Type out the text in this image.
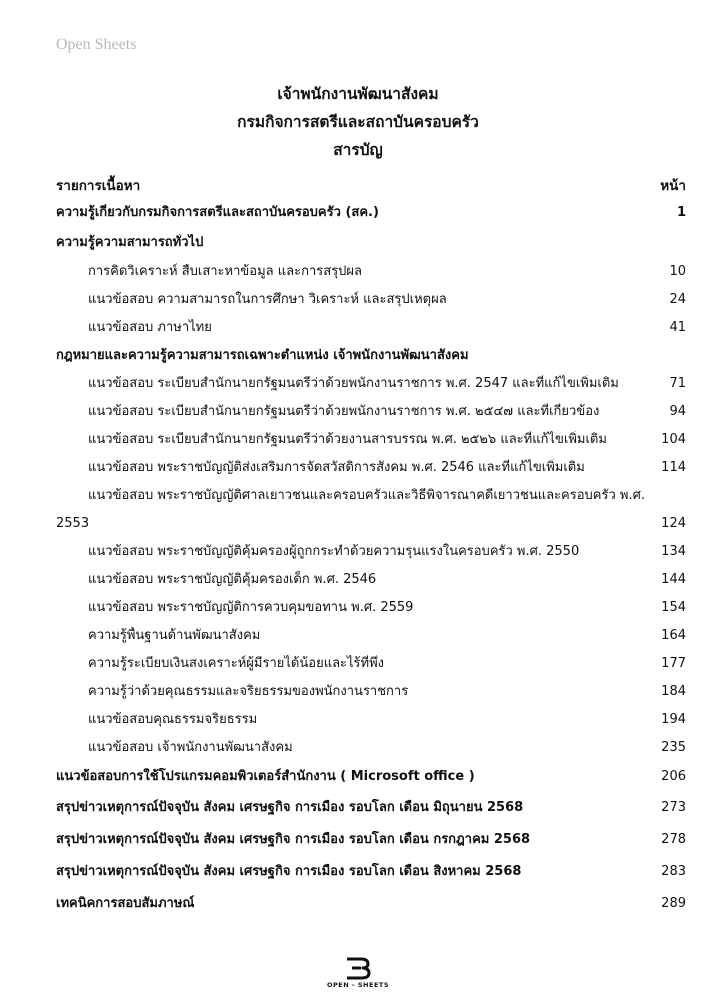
Open Sheets
เจ้าพนักงานพัฒนาสังคม
กรมกิจการสตรีและสถาบันครอบครัว
สารบัญ
รายการเนื้อหา	หน้า
ความรู้เกี่ยวกับกรมกิจการสตรีและสถาบันครอบครัว (สค.)	1
ความรู้ความสามารถทั่วไป
การคิดวิเคราะห์ สืบเสาะหาข้อมูล และการสรุปผล	10
แนวข้อสอบ ความสามารถในการศึกษา วิเคราะห์ และสรุปเหตุผล	24
แนวข้อสอบ ภาษาไทย	41
กฎหมายและความรู้ความสามารถเฉพาะตำแหน่ง เจ้าพนักงานพัฒนาสังคม
แนวข้อสอบ ระเบียบสำนักนายกรัฐมนตรีว่าด้วยพนักงานราชการ พ.ศ. 2547 และที่แก้ไขเพิ่มเติม	71
แนวข้อสอบ ระเบียบสำนักนายกรัฐมนตรีว่าด้วยพนักงานราชการ พ.ศ. ๒๕๔๗ และที่เกี่ยวข้อง	94
แนวข้อสอบ ระเบียบสำนักนายกรัฐมนตรีว่าด้วยงานสารบรรณ พ.ศ. ๒๕๒๖ และที่แก้ไขเพิ่มเติม	104
แนวข้อสอบ พระราชบัญญัติส่งเสริมการจัดสวัสดิการสังคม พ.ศ. 2546 และที่แก้ไขเพิ่มเติม	114
แนวข้อสอบ พระราชบัญญัติศาลเยาวชนและครอบครัวและวิธีพิจารณาคดีเยาวชนและครอบครัว พ.ศ.
2553	124
แนวข้อสอบ พระราชบัญญัติคุ้มครองผู้ถูกกระทำด้วยความรุนแรงในครอบครัว พ.ศ. 2550	134
แนวข้อสอบ พระราชบัญญัติคุ้มครองเด็ก พ.ศ. 2546	144
แนวข้อสอบ พระราชบัญญัติการควบคุมขอทาน พ.ศ. 2559	154
ความรู้พื้นฐานด้านพัฒนาสังคม	164
ความรู้ระเบียบเงินสงเคราะห์ผู้มีรายได้น้อยและไร้ที่พึ่ง	177
ความรู้ว่าด้วยคุณธรรมและจริยธรรมของพนักงานราชการ	184
แนวข้อสอบคุณธรรมจริยธรรม	194
แนวข้อสอบ เจ้าพนักงานพัฒนาสังคม	235
แนวข้อสอบการใช้โปรแกรมคอมพิวเตอร์สำนักงาน ( Microsoft office )	206
สรุปข่าวเหตุการณ์ปัจจุบัน สังคม เศรษฐกิจ การเมือง รอบโลก เดือน มิถุนายน 2568	273
สรุปข่าวเหตุการณ์ปัจจุบัน สังคม เศรษฐกิจ การเมือง รอบโลก เดือน กรกฎาคม 2568	278
สรุปข่าวเหตุการณ์ปัจจุบัน สังคม เศรษฐกิจ การเมือง รอบโลก เดือน สิงหาคม 2568	283
เทคนิคการสอบสัมภาษณ์	289
OPEN - SHEETS
